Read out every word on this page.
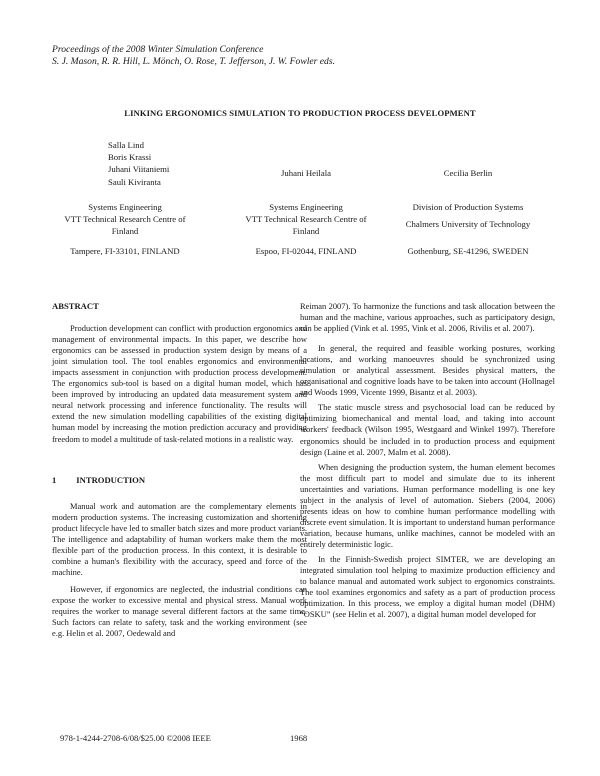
Proceedings of the 2008 Winter Simulation Conference
S. J. Mason, R. R. Hill, L. Mönch, O. Rose, T. Jefferson, J. W. Fowler eds.
LINKING ERGONOMICS SIMULATION TO PRODUCTION PROCESS DEVELOPMENT
Salla Lind
Boris Krassi
Juhani Viitaniemi
Sauli Kiviranta
Systems Engineering
VTT Technical Research Centre of
Finland
Tampere, FI-33101, FINLAND
Juhani Heilala
Systems Engineering
VTT Technical Research Centre of
Finland
Espoo, FI-02044, FINLAND
Cecilia Berlin
Division of Production Systems
Chalmers University of Technology
Gothenburg, SE-41296, SWEDEN
ABSTRACT

Production development can conflict with production ergonomics and management of environmental impacts. In this paper, we describe how ergonomics can be assessed in production system design by means of a joint simulation tool. The tool enables ergonomics and environmental impacts assessment in conjunction with production process development. The ergonomics sub-tool is based on a digital human model, which has been improved by introducing an updated data measurement system and neural network processing and inference functionality. The results will extend the new simulation modelling capabilities of the existing digital human model by increasing the motion prediction accuracy and providing freedom to model a multitude of task-related motions in a realistic way.

1 INTRODUCTION

Manual work and automation are the complementary elements in modern production systems. The increasing customization and shortening product lifecycle have led to smaller batch sizes and more product variants. The intelligence and adaptability of human workers make them the most flexible part of the production process. In this context, it is desirable to combine a human's flexibility with the accuracy, speed and force of the machine.

However, if ergonomics are neglected, the industrial conditions can expose the worker to excessive mental and physical stress. Manual work requires the worker to manage several different factors at the same time. Such factors can relate to safety, task and the working environment (see e.g. Helin et al. 2007, Oedewald and

Reiman 2007). To harmonize the functions and task allocation between the human and the machine, various approaches, such as participatory design, can be applied (Vink et al. 1995, Vink et al. 2006, Rivilis et al. 2007).

In general, the required and feasible working postures, working locations, and working manoeuvres should be synchronized using simulation or analytical assessment. Besides physical matters, the organisational and cognitive loads have to be taken into account (Hollnagel and Woods 1999, Vicente 1999, Bisantz et al. 2003).

The static muscle stress and psychosocial load can be reduced by optimizing biomechanical and mental load, and taking into account workers' feedback (Wilson 1995, Westgaard and Winkel 1997). Therefore ergonomics should be included in to production process and equipment design (Laine et al. 2007, Malm et al. 2008).

When designing the production system, the human element becomes the most difficult part to model and simulate due to its inherent uncertainties and variations. Human performance modelling is one key subject in the analysis of level of automation. Siebers (2004, 2006) presents ideas on how to combine human performance modelling with discrete event simulation. It is important to understand human performance variation, because humans, unlike machines, cannot be modeled with an entirely deterministic logic.

In the Finnish-Swedish project SIMTER, we are developing an integrated simulation tool helping to maximize production efficiency and to balance manual and automated work subject to ergonomics constraints. The tool examines ergonomics and safety as a part of production process optimization. In this process, we employ a digital human model (DHM) “OSKU” (see Helin et al. 2007), a digital human model developed for

978-1-4244-2708-6/08/$25.00 ©2008 IEEE	1968
